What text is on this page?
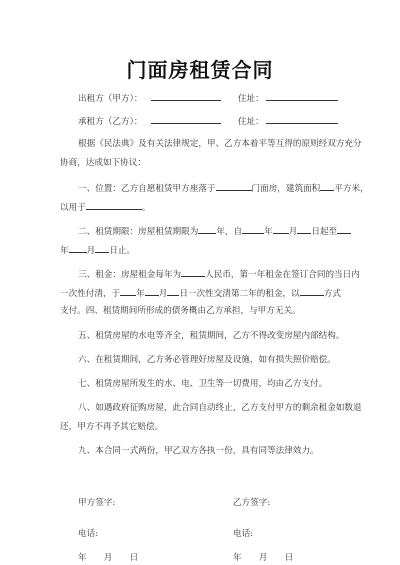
门面房租赁合同
出租方（甲方）：	住址：
承租方（乙方）：	住址：
根据《民法典》及有关法律规定，甲、乙方本着平等互得的原则经双方充分
协商，达成如下协议：
一、位置：乙方自愿租赁甲方座落于	门面房，建筑面积 平方米，
以用于	。
二、租赁期限：房屋租赁期限为 年，自	年 月 日起至
年 月 日止。
三、租金：房屋租金每年为	人民币，第一年租金在签订合同的当日内
一次性付清，于 年 月 日一次性交清第二年的租金，以	方式
支付。四、租赁期间所形成的债务概由乙方承担，与甲方无关。
五、租赁房屋的水电等齐全，租赁期间，乙方不得改变房屋内部结构。
六、在租赁期间，乙方务必管理好房屋及设施，如有损失照价赔偿。
七、租赁房屋所发生的水、电、卫生等一切费用，均由乙方支付。
八、如遇政府征购房屋，此合同自动终止，乙方支付甲方的剩余租金如数退
还，甲方不再予其它赔偿。
九、本合同一式两份，甲乙双方各执一份，具有同等法律效力。
甲方签字:	乙方签字:
电话:	电话:
年　　月　　日	年　　月　　日
